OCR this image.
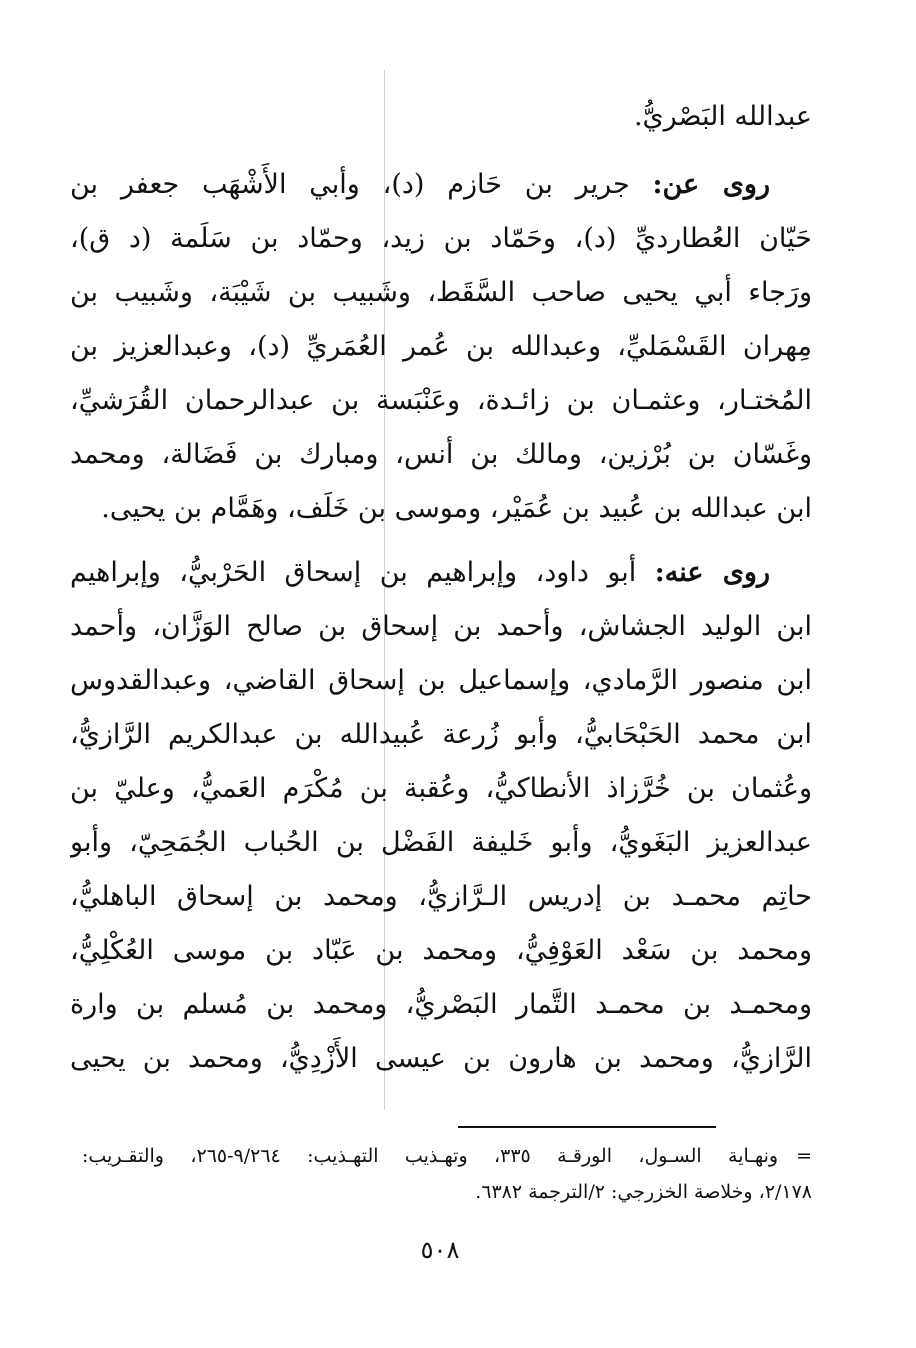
عبدالله البَصْريُّ.
روى عن: جرير بن حَازم (د)، وأبي الأَشْهَب جعفر بن
حَيّان العُطارديِّ (د)، وحَمّاد بن زيد، وحمّاد بن سَلَمة (د ق)،
ورَجاء أبي يحيى صاحب السَّقَط، وشَبيب بن شَيْبَة، وشَبيب بن
مِهران القَسْمَليِّ، وعبدالله بن عُمر العُمَريِّ (د)، وعبدالعزيز بن
المُختـار، وعثمـان بن زائـدة، وعَنْبَسة بن عبدالرحمان القُرَشيِّ،
وغَسّان بن بُرْزين، ومالك بن أنس، ومبارك بن فَضَالة، ومحمد
ابن عبدالله بن عُبيد بن عُمَيْر، وموسى بن خَلَف، وهَمَّام بن يحيى.
روى عنه: أبو داود، وإبراهيم بن إسحاق الحَرْبيُّ، وإبراهيم
ابن الوليد الجشاش، وأحمد بن إسحاق بن صالح الوَزَّان، وأحمد
ابن منصور الرَّمادي، وإسماعيل بن إسحاق القاضي، وعبدالقدوس
ابن محمد الحَبْحَابيُّ، وأبو زُرعة عُبيدالله بن عبدالكريم الرَّازيُّ،
وعُثمان بن خُرَّزاذ الأنطاكيُّ، وعُقبة بن مُكْرَم العَميُّ، وعليّ بن
عبدالعزيز البَغَويُّ، وأبو خَليفة الفَضْل بن الحُباب الجُمَحِيّ، وأبو
حاتِم محمـد بن إدريس الـرَّازيُّ، ومحمد بن إسحاق الباهليُّ،
ومحمد بن سَعْد العَوْفِيُّ، ومحمد بن عَبّاد بن موسى العُكْلِيُّ،
ومحمـد بن محمـد التَّمار البَصْريُّ، ومحمد بن مُسلم بن وارة
الرَّازيُّ، ومحمد بن هارون بن عيسى الأَزْدِيُّ، ومحمد بن يحيى
=ونهـاية السـول، الورقـة ٣٣٥، وتهـذيب التهـذيب: ٩/٢٦٤-٢٦٥، والتقـريب:
٢/١٧٨، وخلاصة الخزرجي: ٢/الترجمة ٦٣٨٢.
٥٠٨
